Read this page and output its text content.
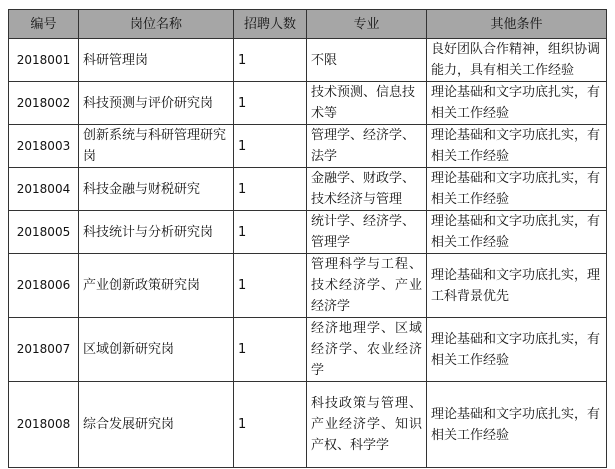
编号	岗位名称	招聘人数	专业	其他条件
2018001	科研管理岗	1	不限	良好团队合作精神，组织协调能力，具有相关工作经验
2018002	科技预测与评价研究岗	1	技术预测、信息技术等	理论基础和文字功底扎实，有相关工作经验
2018003	创新系统与科研管理研究岗	1	管理学、经济学、法学	理论基础和文字功底扎实，有相关工作经验
2018004	科技金融与财税研究	1	金融学、财政学、技术经济与管理	理论基础和文字功底扎实，有相关工作经验
2018005	科技统计与分析研究岗	1	统计学、经济学、管理学	理论基础和文字功底扎实，有相关工作经验
2018006	产业创新政策研究岗	1	管理科学与工程、技术经济学、产业经济学	理论基础和文字功底扎实，理工科背景优先
2018007	区域创新研究岗	1	经济地理学、区域经济学、农业经济学	理论基础和文字功底扎实，有相关工作经验
2018008	综合发展研究岗	1	科技政策与管理、产业经济学、知识产权、科学学	理论基础和文字功底扎实，有相关工作经验
